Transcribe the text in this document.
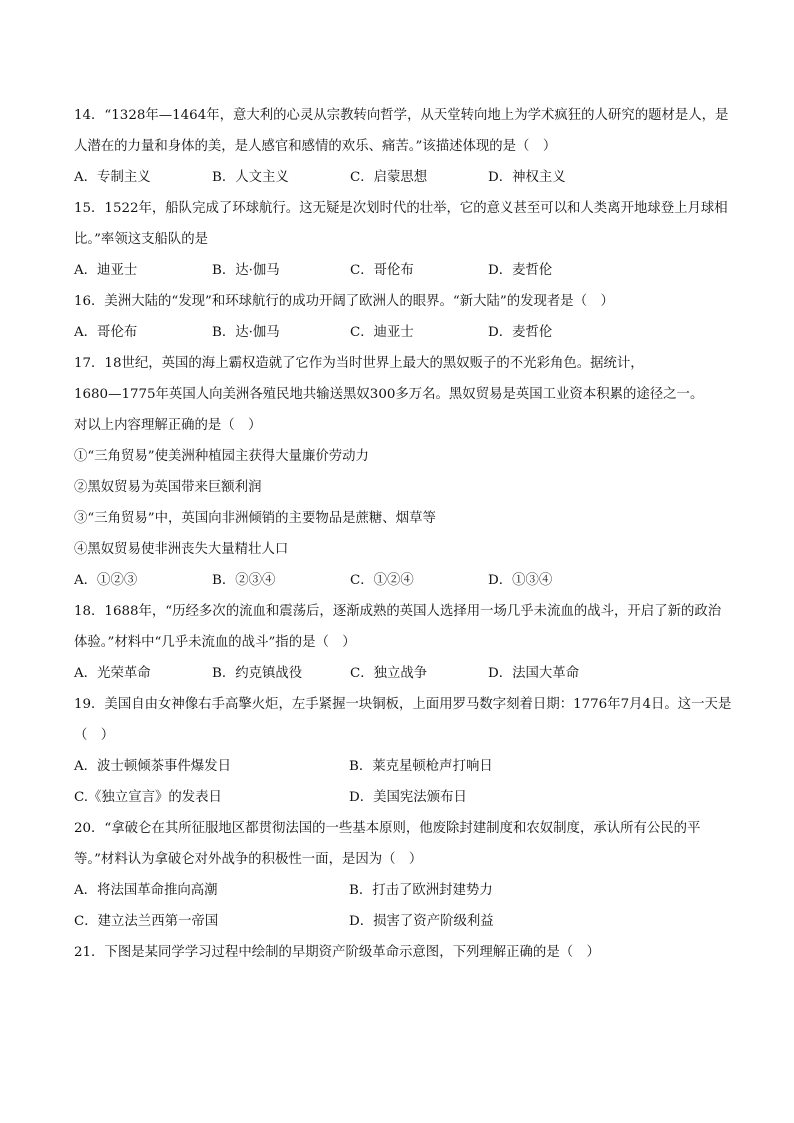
14．“1328年—1464年，意大利的心灵从宗教转向哲学，从天堂转向地上为学术疯狂的人研究的题材是人，是人潜在的力量和身体的美，是人感官和感情的欢乐、痛苦。”该描述体现的是（　）
A．专制主义	B．人文主义	C．启蒙思想	D．神权主义
15．1522年，船队完成了环球航行。这无疑是次划时代的壮举，它的意义甚至可以和人类离开地球登上月球相比。”率领这支船队的是
A．迪亚士	B．达·伽马	C．哥伦布	D．麦哲伦
16．美洲大陆的“发现”和环球航行的成功开阔了欧洲人的眼界。“新大陆”的发现者是（　）
A．哥伦布	B．达·伽马	C．迪亚士	D．麦哲伦
17．18世纪，英国的海上霸权造就了它作为当时世界上最大的黑奴贩子的不光彩角色。据统计，
1680—1775年英国人向美洲各殖民地共输送黑奴300多万名。黑奴贸易是英国工业资本积累的途径之一。
对以上内容理解正确的是（　）
①“三角贸易”使美洲种植园主获得大量廉价劳动力
②黑奴贸易为英国带来巨额利润
③“三角贸易”中，英国向非洲倾销的主要物品是蔗糖、烟草等
④黑奴贸易使非洲丧失大量精壮人口
A．①②③	B．②③④	C．①②④	D．①③④
18．1688年，“历经多次的流血和震荡后，逐渐成熟的英国人选择用一场几乎未流血的战斗，开启了新的政治体验。”材料中“几乎未流血的战斗”指的是（　）
A．光荣革命	B．约克镇战役	C．独立战争	D．法国大革命
19．美国自由女神像右手高擎火炬，左手紧握一块铜板，上面用罗马数字刻着日期：1776年7月4日。这一天是（　）
A．波士顿倾茶事件爆发日	B．莱克星顿枪声打响日
C.《独立宣言》的发表日	D．美国宪法颁布日
20．“拿破仑在其所征服地区都贯彻法国的一些基本原则，他废除封建制度和农奴制度，承认所有公民的平等。”材料认为拿破仑对外战争的积极性一面，是因为（　）
A．将法国革命推向高潮	B．打击了欧洲封建势力
C．建立法兰西第一帝国	D．损害了资产阶级利益
21．下图是某同学学习过程中绘制的早期资产阶级革命示意图，下列理解正确的是（　）
